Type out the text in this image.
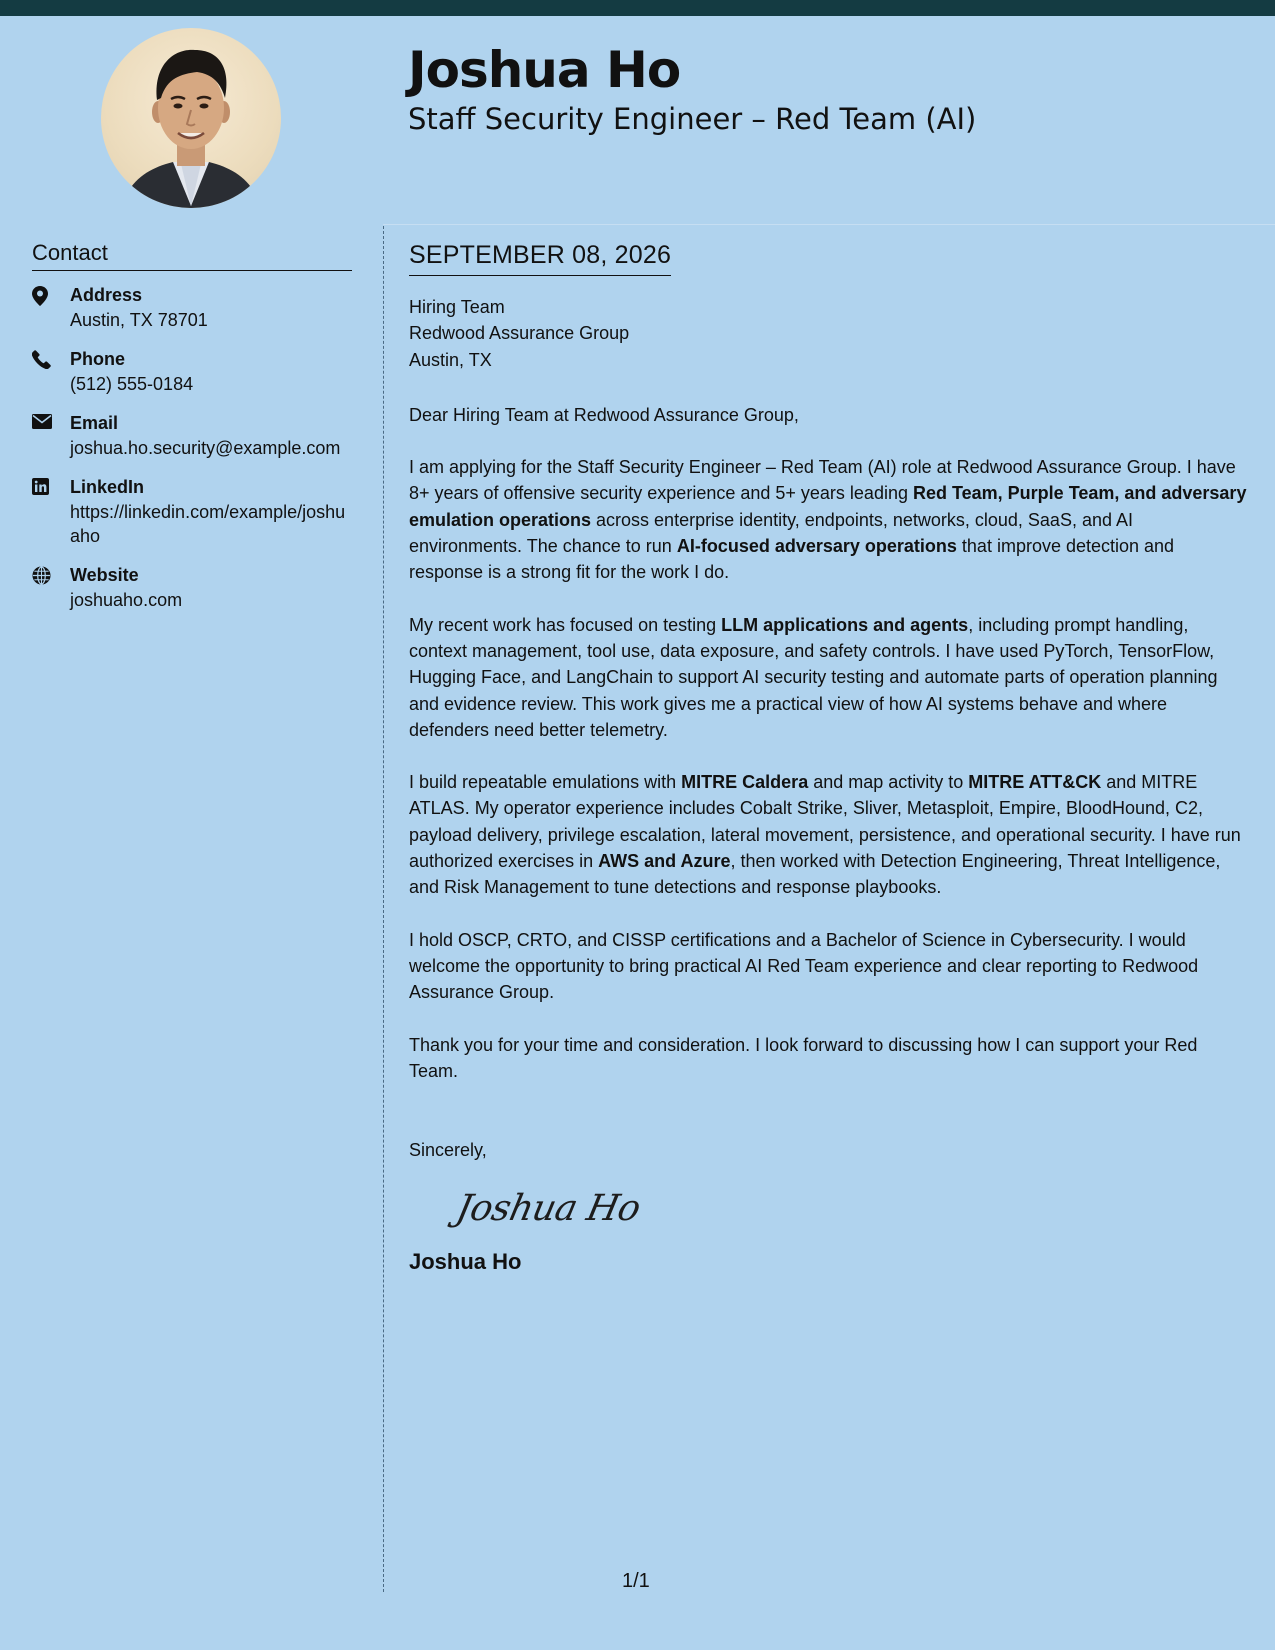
Joshua Ho
Staff Security Engineer – Red Team (AI)
Contact
Address
Austin, TX 78701
Phone
(512) 555-0184
Email
joshua.ho.security@example.com
LinkedIn
https://linkedin.com/example/joshuaho
Website
joshuaho.com
SEPTEMBER 08, 2026
Hiring Team
Redwood Assurance Group
Austin, TX
Dear Hiring Team at Redwood Assurance Group,

I am applying for the Staff Security Engineer – Red Team (AI) role at Redwood Assurance Group. I have 8+ years of offensive security experience and 5+ years leading Red Team, Purple Team, and adversary emulation operations across enterprise identity, endpoints, networks, cloud, SaaS, and AI environments. The chance to run AI-focused adversary operations that improve detection and response is a strong fit for the work I do.

My recent work has focused on testing LLM applications and agents, including prompt handling, context management, tool use, data exposure, and safety controls. I have used PyTorch, TensorFlow, Hugging Face, and LangChain to support AI security testing and automate parts of operation planning and evidence review. This work gives me a practical view of how AI systems behave and where defenders need better telemetry.

I build repeatable emulations with MITRE Caldera and map activity to MITRE ATT&CK and MITRE ATLAS. My operator experience includes Cobalt Strike, Sliver, Metasploit, Empire, BloodHound, C2, payload delivery, privilege escalation, lateral movement, persistence, and operational security. I have run authorized exercises in AWS and Azure, then worked with Detection Engineering, Threat Intelligence, and Risk Management to tune detections and response playbooks.

I hold OSCP, CRTO, and CISSP certifications and a Bachelor of Science in Cybersecurity. I would welcome the opportunity to bring practical AI Red Team experience and clear reporting to Redwood Assurance Group.

Thank you for your time and consideration. I look forward to discussing how I can support your Red Team.

Sincerely,
Joshua Ho
Joshua Ho
1/1
